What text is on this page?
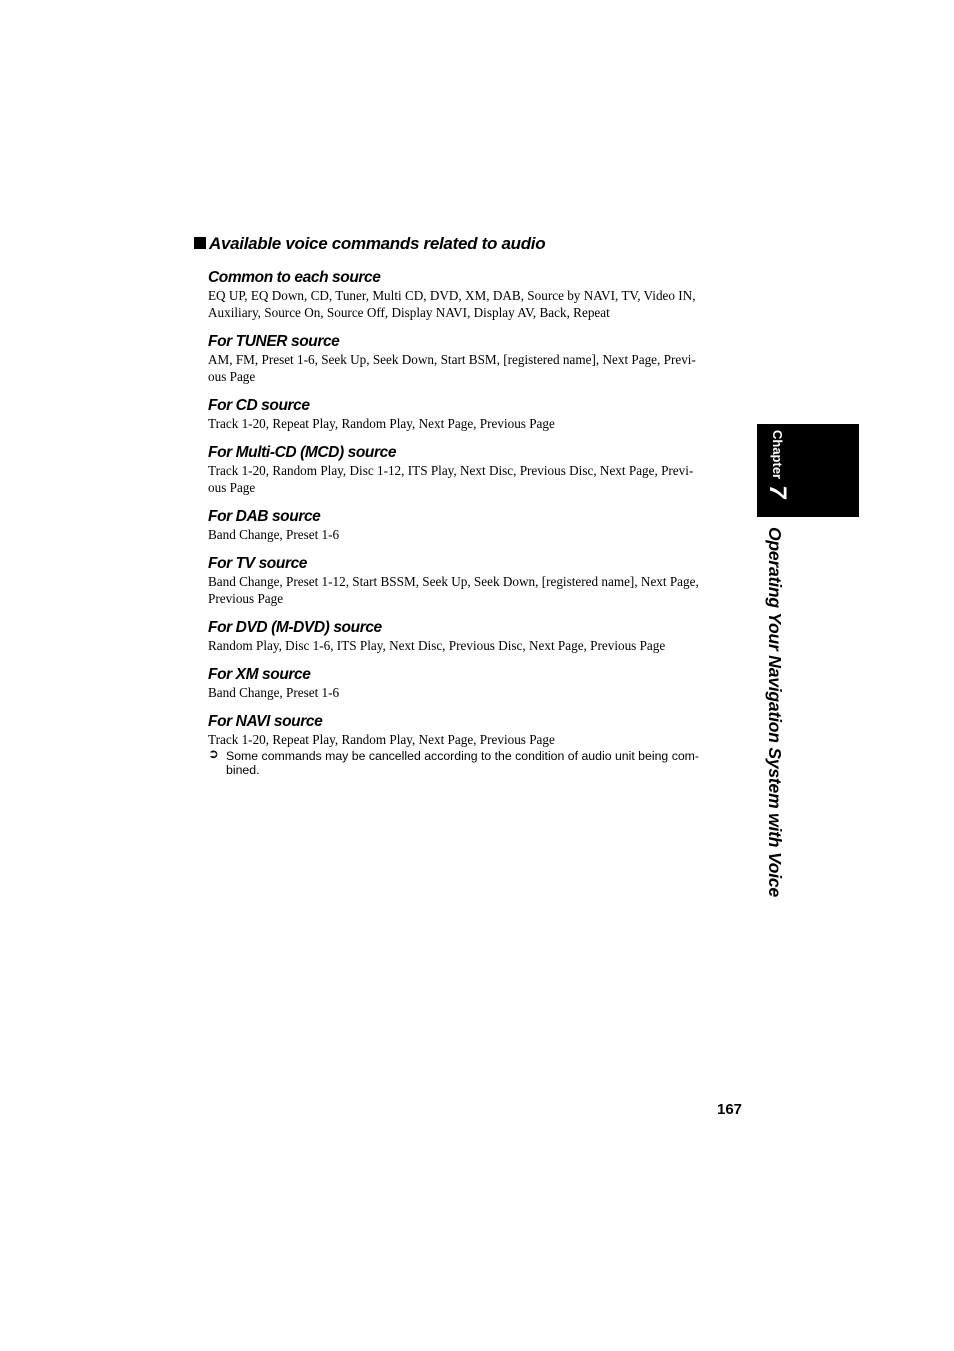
Available voice commands related to audio

Common to each source

EQ UP, EQ Down, CD, Tuner, Multi CD, DVD, XM, DAB, Source by NAVI, TV, Video IN,
Auxiliary, Source On, Source Off, Display NAVI, Display AV, Back, Repeat

For TUNER source

AM, FM, Preset 1-6, Seek Up, Seek Down, Start BSM, [registered name], Next Page, Previ-
ous Page

For CD source

Track 1-20, Repeat Play, Random Play, Next Page, Previous Page

For Multi-CD (MCD) source

Track 1-20, Random Play, Disc 1-12, ITS Play, Next Disc, Previous Disc, Next Page, Previ-
ous Page

For DAB source

Band Change, Preset 1-6

For TV source

Band Change, Preset 1-12, Start BSSM, Seek Up, Seek Down, [registered name], Next Page,
Previous Page

For DVD (M-DVD) source

Random Play, Disc 1-6, ITS Play, Next Disc, Previous Disc, Next Page, Previous Page

For XM source

Band Change, Preset 1-6

For NAVI source

Track 1-20, Repeat Play, Random Play, Next Page, Previous Page

➲ Some commands may be cancelled according to the condition of audio unit being com-
bined.
Chapter7
Operating Your Navigation System with Voice

167
